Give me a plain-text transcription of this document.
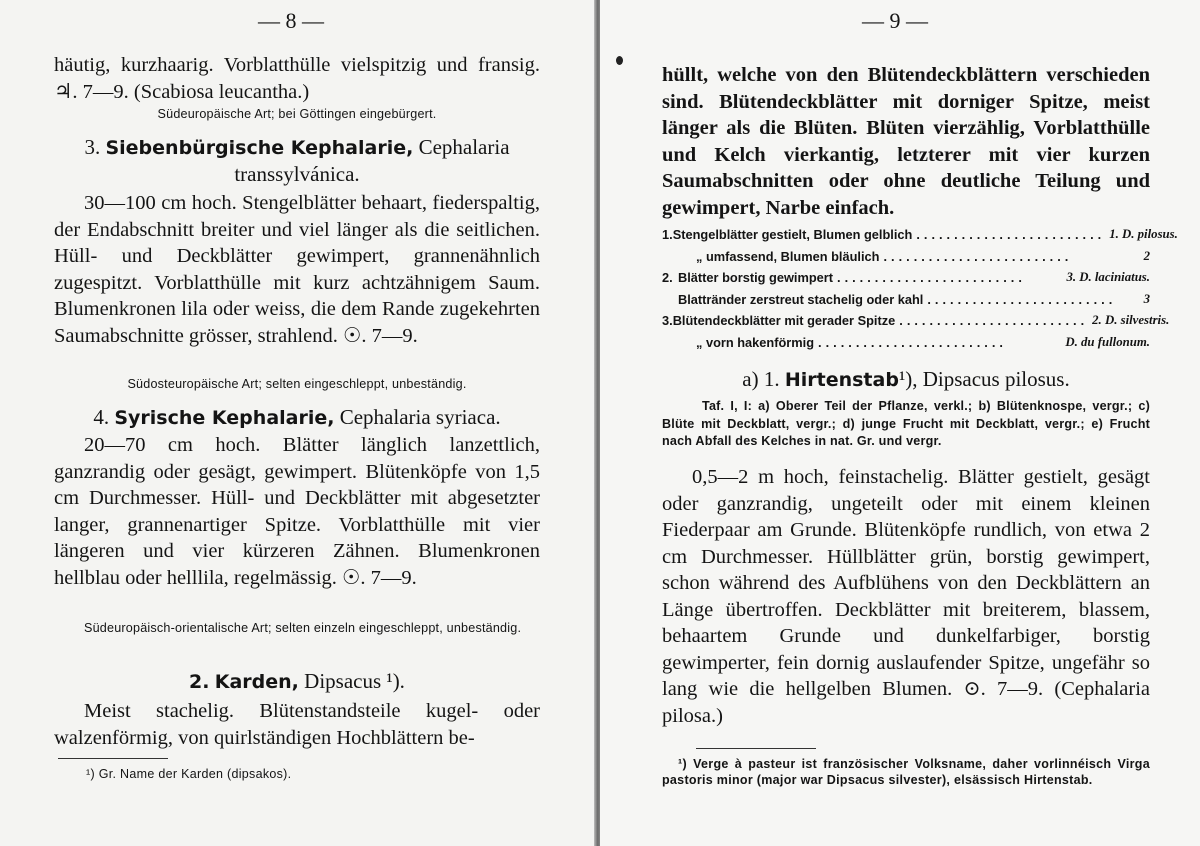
— 8 —
häutig, kurzhaarig. Vorblatthülle vielspitzig und fransig. ♃. 7—9. (Scabiosa leucantha.)
Südeuropäische Art; bei Göttingen eingebürgert.
3. Siebenbürgische Kephalarie, Cephalaria transsylvánica.
30—100 cm hoch. Stengelblätter behaart, fiederspaltig, der Endabschnitt breiter und viel länger als die seitlichen. Hüll- und Deckblätter gewimpert, grannenähnlich zugespitzt. Vorblatthülle mit kurz achtzähnigem Saum. Blumenkronen lila oder weiss, die dem Rande zugekehrten Saumabschnitte grösser, strahlend. ☉. 7—9.
Südosteuropäische Art; selten eingeschleppt, unbeständig.
4. Syrische Kephalarie, Cephalaria syriaca.
20—70 cm hoch. Blätter länglich lanzettlich, ganzrandig oder gesägt, gewimpert. Blütenköpfe von 1,5 cm Durchmesser. Hüll- und Deckblätter mit abgesetzter langer, grannenartiger Spitze. Vorblatthülle mit vier längeren und vier kürzeren Zähnen. Blumenkronen hellblau oder helllila, regelmässig. ☉. 7—9.
Südeuropäisch-orientalische Art; selten einzeln eingeschleppt, unbeständig.
2. Karden, Dipsacus ¹).
Meist stachelig. Blütenstandsteile kugel- oder walzenförmig, von quirlständigen Hochblättern be-
¹) Gr. Name der Karden (dipsakos).
— 9 —
hüllt, welche von den Blütendeckblättern verschieden sind. Blütendeckblätter mit dorniger Spitze, meist länger als die Blüten. Blüten vierzählig, Vorblatthülle und Kelch vierkantig, letzterer mit vier kurzen Saumabschnitten oder ohne deutliche Teilung und gewimpert, Narbe einfach.
1. Stengelblätter gestielt, Blumen gelblich ......................... 1. D. pilosus.
„ umfassend, Blumen bläulich .........................	2
2. Blätter borstig gewimpert .........................	3. D. laciniatus.
Blattränder zerstreut stachelig oder kahl .........................	3
3. Blütendeckblätter mit gerader Spitze ......................... 2. D. silvestris.
„ vorn hakenförmig .........................	D. du fullonum.
a) 1. Hirtenstab¹), Dipsacus pilosus.
Taf. I, I: a) Oberer Teil der Pflanze, verkl.; b) Blütenknospe, vergr.; c) Blüte mit Deckblatt, vergr.; d) junge Frucht mit Deckblatt, vergr.; e) Frucht nach Abfall des Kelches in nat. Gr. und vergr.
0,5—2 m hoch, feinstachelig. Blätter gestielt, gesägt oder ganzrandig, ungeteilt oder mit einem kleinen Fiederpaar am Grunde. Blütenköpfe rundlich, von etwa 2 cm Durchmesser. Hüllblätter grün, borstig gewimpert, schon während des Aufblühens von den Deckblättern an Länge übertroffen. Deckblätter mit breiterem, blassem, behaartem Grunde und dunkelfarbiger, borstig gewimperter, fein dornig auslaufender Spitze, ungefähr so lang wie die hellgelben Blumen. ⊙. 7—9. (Cephalaria pilosa.)
¹) Verge à pasteur ist französischer Volksname, daher vorlinnéisch Virga pastoris minor (major war Dipsacus silvester), elsässisch Hirtenstab.
